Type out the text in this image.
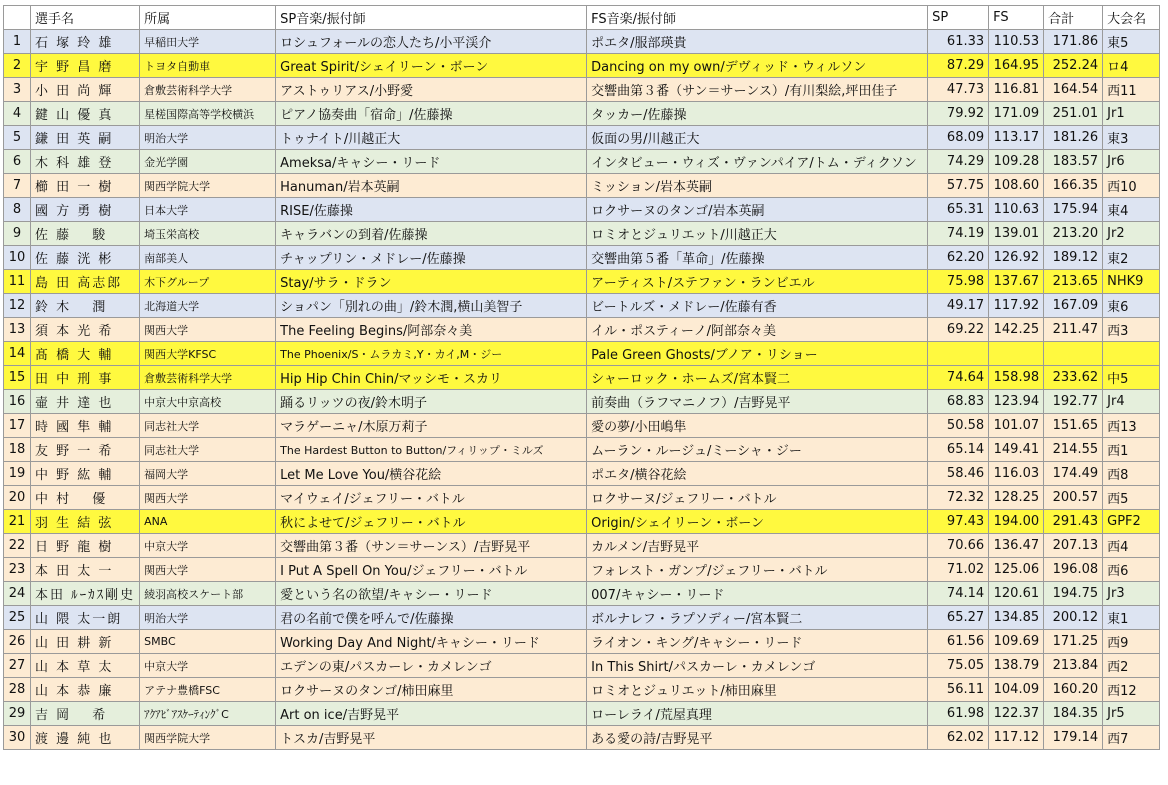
	選手名	所属	SP音楽/振付師	FS音楽/振付師	SP	FS	合計	大会名
1	石 塚 玲 雄	早稲田大学	ロシュフォールの恋人たち/小平渓介	ポエタ/服部瑛貴	61.33	110.53	171.86	東5
2	宇 野 昌 磨	トヨタ自動車	Great Spirit/シェイリーン・ボーン	Dancing on my own/デヴィッド・ウィルソン	87.29	164.95	252.24	ロ4
3	小 田 尚 輝	倉敷芸術科学大学	アストゥリアス/小野愛	交響曲第３番（サン＝サーンス）/有川梨絵,坪田佳子	47.73	116.81	164.54	西11
4	鍵 山 優 真	星槎国際高等学校横浜	ピアノ協奏曲「宿命」/佐藤操	タッカー/佐藤操	79.92	171.09	251.01	Jr1
5	鎌 田 英 嗣	明治大学	トゥナイト/川越正大	仮面の男/川越正大	68.09	113.17	181.26	東3
6	木 科 雄 登	金光学園	Ameksa/キャシー・リード	インタビュー・ウィズ・ヴァンパイア/トム・ディクソン	74.29	109.28	183.57	Jr6
7	櫛 田 一 樹	関西学院大学	Hanuman/岩本英嗣	ミッション/岩本英嗣	57.75	108.60	166.35	西10
8	國 方 勇 樹	日本大学	RISE/佐藤操	ロクサーヌのタンゴ/岩本英嗣	65.31	110.63	175.94	東4
9	佐 藤 　駿	埼玉栄高校	キャラバンの到着/佐藤操	ロミオとジュリエット/川越正大	74.19	139.01	213.20	Jr2
10	佐 藤 洸 彬	南部美人	チャップリン・メドレー/佐藤操	交響曲第５番「革命」/佐藤操	62.20	126.92	189.12	東2
11	島 田 高志郎	木下グループ	Stay/サラ・ドラン	アーティスト/ステファン・ランビエル	75.98	137.67	213.65	NHK9
12	鈴 木 　潤	北海道大学	ショパン「別れの曲」/鈴木潤,横山美智子	ビートルズ・メドレー/佐藤有香	49.17	117.92	167.09	東6
13	須 本 光 希	関西大学	The Feeling Begins/阿部奈々美	イル・ポスティーノ/阿部奈々美	69.22	142.25	211.47	西3
14	髙 橋 大 輔	関西大学KFSC	The Phoenix/S・ムラカミ,Y・カイ,M・ジー	Pale Green Ghosts/ブノア・リショー				
15	田 中 刑 事	倉敷芸術科学大学	Hip Hip Chin Chin/マッシモ・スカリ	シャーロック・ホームズ/宮本賢二	74.64	158.98	233.62	中5
16	壷 井 達 也	中京大中京高校	踊るリッツの夜/鈴木明子	前奏曲（ラフマニノフ）/吉野晃平	68.83	123.94	192.77	Jr4
17	時 國 隼 輔	同志社大学	マラゲーニャ/木原万莉子	愛の夢/小田嶋隼	50.58	101.07	151.65	西13
18	友 野 一 希	同志社大学	The Hardest Button to Button/フィリップ・ミルズ	ムーラン・ルージュ/ミーシャ・ジー	65.14	149.41	214.55	西1
19	中 野 紘 輔	福岡大学	Let Me Love You/横谷花絵	ポエタ/横谷花絵	58.46	116.03	174.49	西8
20	中 村 　優	関西大学	マイウェイ/ジェフリー・バトル	ロクサーヌ/ジェフリー・バトル	72.32	128.25	200.57	西5
21	羽 生 結 弦	ANA	秋によせて/ジェフリー・バトル	Origin/シェイリーン・ボーン	97.43	194.00	291.43	GPF2
22	日 野 龍 樹	中京大学	交響曲第３番（サン＝サーンス）/吉野晃平	カルメン/吉野晃平	70.66	136.47	207.13	西4
23	本 田 太 一	関西大学	I Put A Spell On You/ジェフリー・バトル	フォレスト・ガンプ/ジェフリー・バトル	71.02	125.06	196.08	西6
24	本田 ﾙｰｶｽ剛史	綾羽高校スケート部	愛という名の欲望/キャシー・リード	007/キャシー・リード	74.14	120.61	194.75	Jr3
25	山 隈 太一朗	明治大学	君の名前で僕を呼んで/佐藤操	ボルナレフ・ラプソディー/宮本賢二	65.27	134.85	200.12	東1
26	山 田 耕 新	SMBC	Working Day And Night/キャシー・リード	ライオン・キング/キャシー・リード	61.56	109.69	171.25	西9
27	山 本 草 太	中京大学	エデンの東/パスカーレ・カメレンゴ	In This Shirt/パスカーレ・カメレンゴ	75.05	138.79	213.84	西2
28	山 本 恭 廉	アテナ豊橋FSC	ロクサーヌのタンゴ/柿田麻里	ロミオとジュリエット/柿田麻里	56.11	104.09	160.20	西12
29	吉 岡 　希	ｱｸｱﾋﾞｱｽｹｰﾃｨﾝｸﾞC	Art on ice/吉野晃平	ローレライ/荒屋真理	61.98	122.37	184.35	Jr5
30	渡 邊 純 也	関西学院大学	トスカ/吉野晃平	ある愛の詩/吉野晃平	62.02	117.12	179.14	西7
